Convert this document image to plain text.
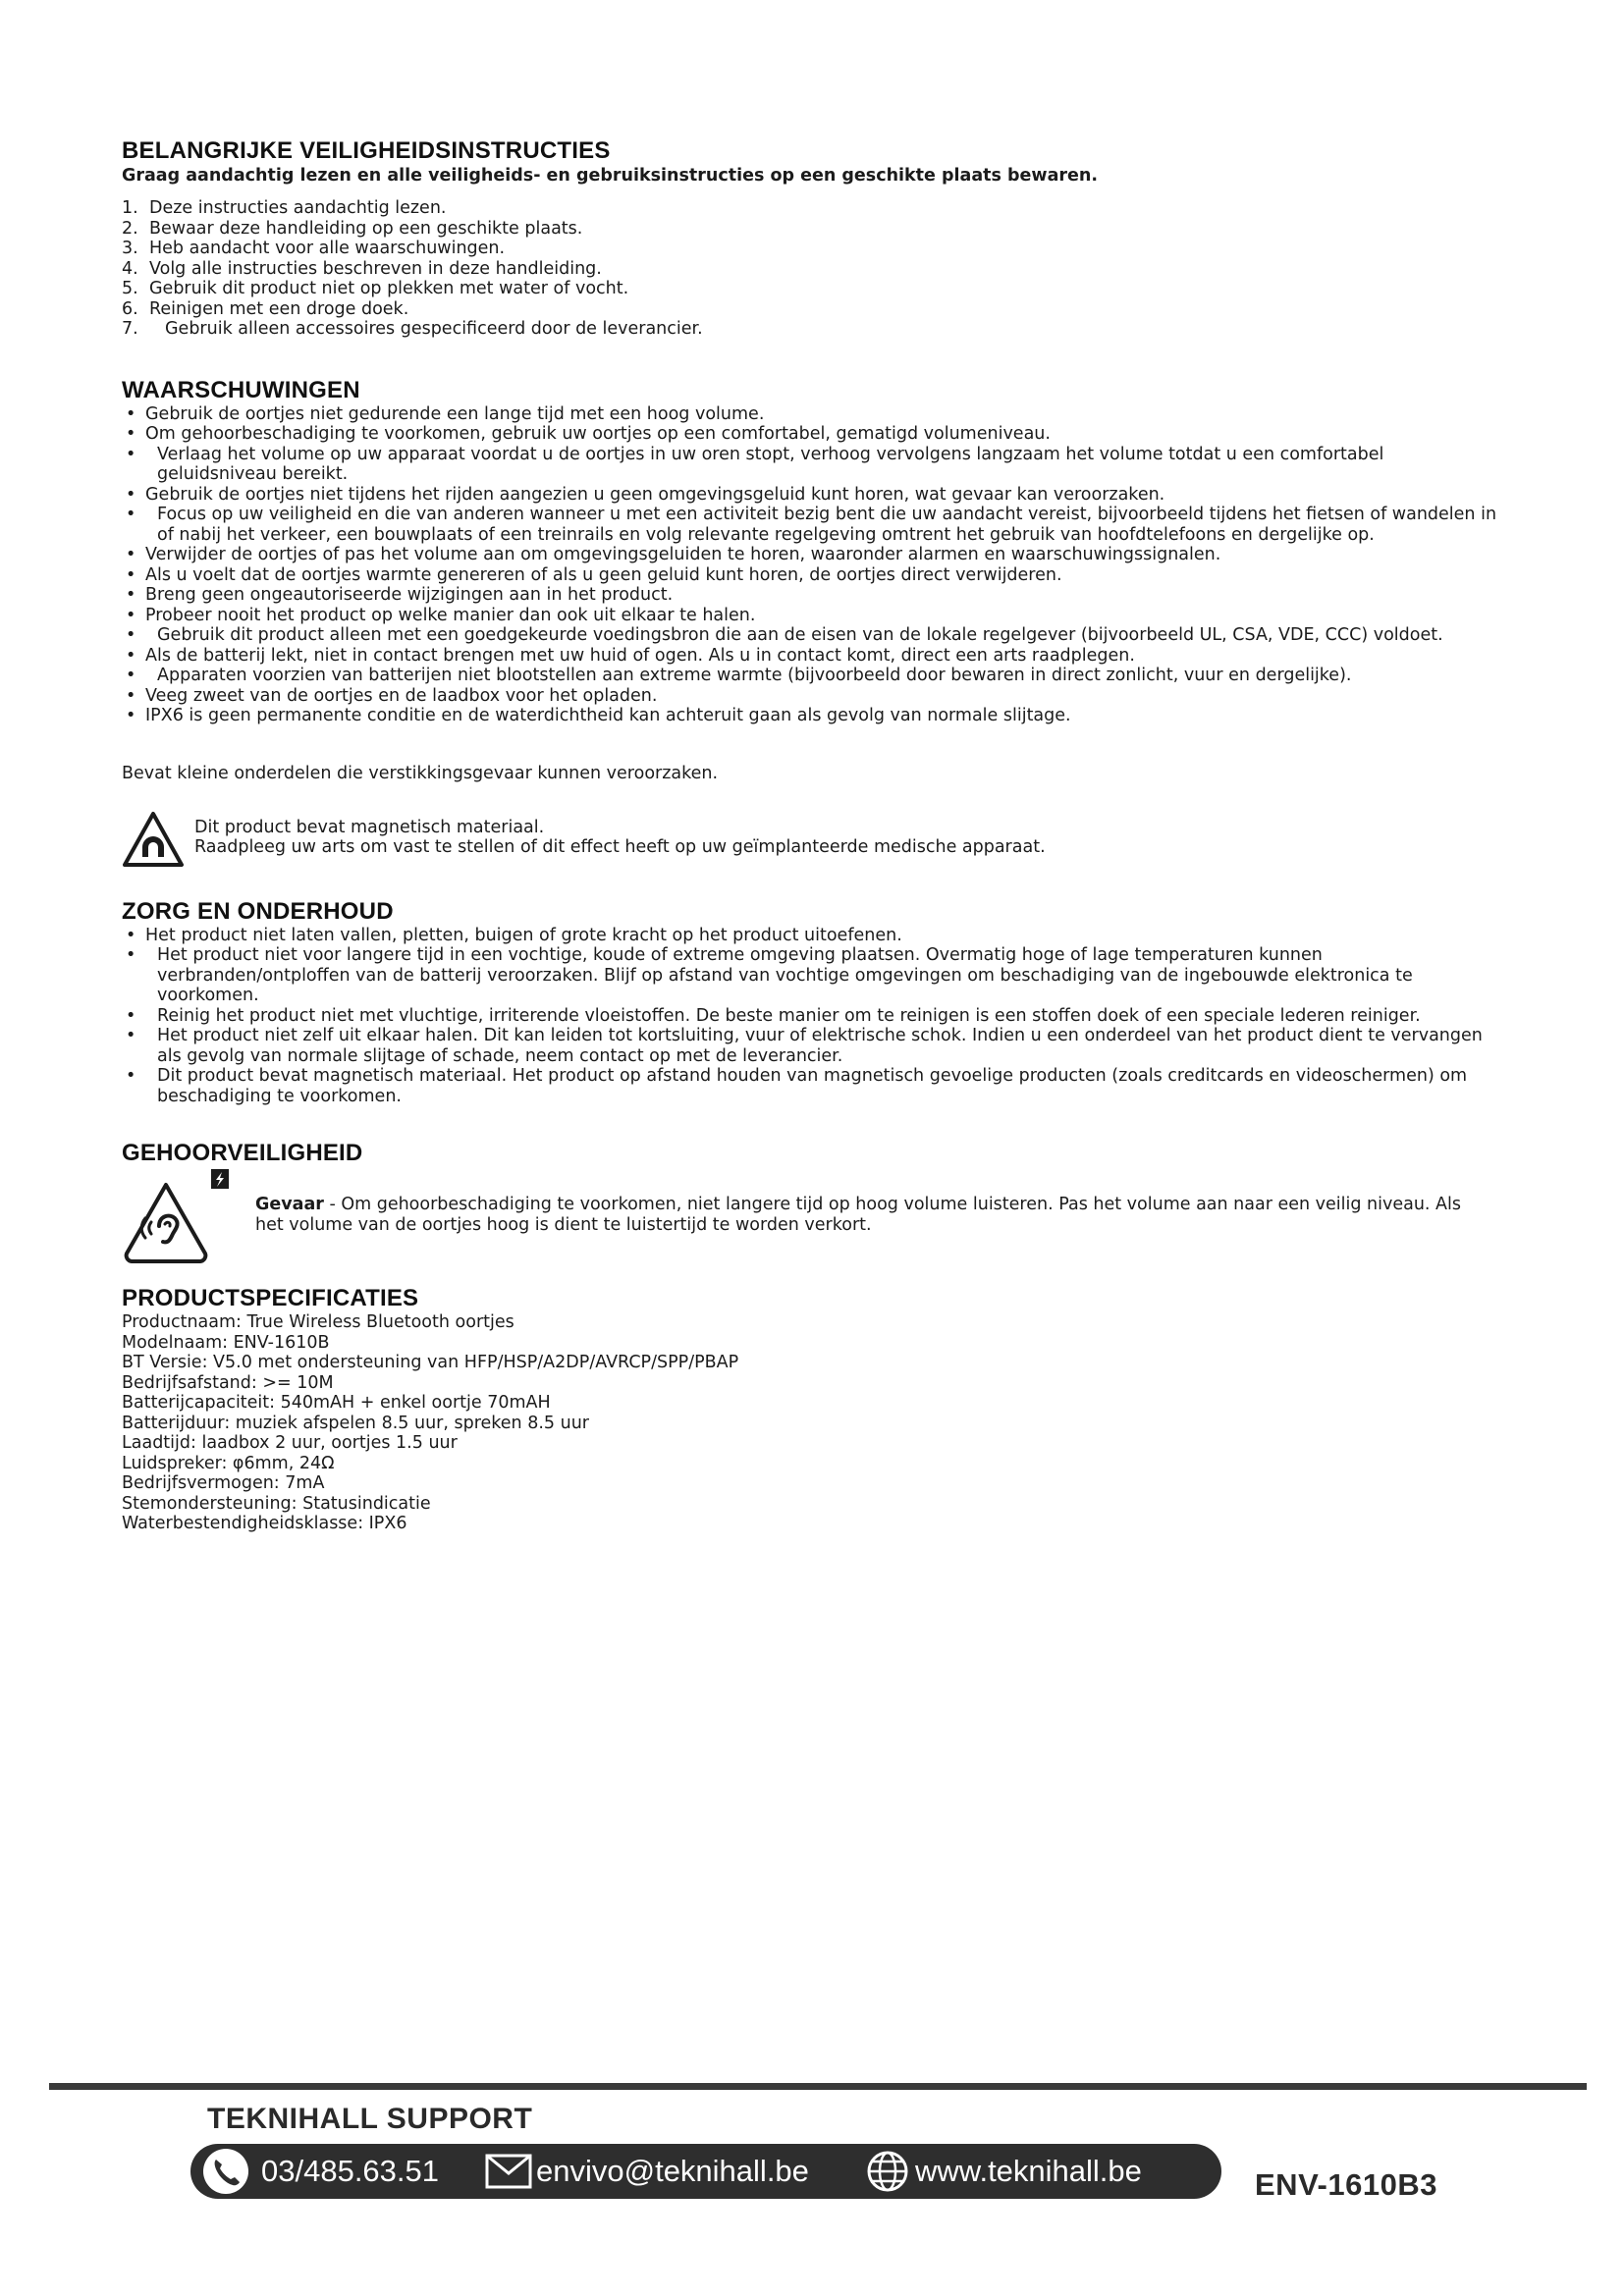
BELANGRIJKE VEILIGHEIDSINSTRUCTIES

Graag aandachtig lezen en alle veiligheids- en gebruiksinstructies op een geschikte plaats bewaren.

1. Deze instructies aandachtig lezen.
2. Bewaar deze handleiding op een geschikte plaats.
3. Heb aandacht voor alle waarschuwingen.
4. Volg alle instructies beschreven in deze handleiding.
5. Gebruik dit product niet op plekken met water of vocht.
6. Reinigen met een droge doek.
7.	Gebruik alleen accessoires gespecificeerd door de leverancier.
WAARSCHUWINGEN
• Gebruik de oortjes niet gedurende een lange tijd met een hoog volume.
• Om gehoorbeschadiging te voorkomen, gebruik uw oortjes op een comfortabel, gematigd volumeniveau.
• Verlaag het volume op uw apparaat voordat u de oortjes in uw oren stopt, verhoog vervolgens langzaam het volume totdat u een comfortabel geluidsniveau bereikt.
• Gebruik de oortjes niet tijdens het rijden aangezien u geen omgevingsgeluid kunt horen, wat gevaar kan veroorzaken.
• Focus op uw veiligheid en die van anderen wanneer u met een activiteit bezig bent die uw aandacht vereist, bijvoorbeeld tijdens het fietsen of wandelen in of nabij het verkeer, een bouwplaats of een treinrails en volg relevante regelgeving omtrent het gebruik van hoofdtelefoons en dergelijke op.
• Verwijder de oortjes of pas het volume aan om omgevingsgeluiden te horen, waaronder alarmen en waarschuwingssignalen.
• Als u voelt dat de oortjes warmte genereren of als u geen geluid kunt horen, de oortjes direct verwijderen.
• Breng geen ongeautoriseerde wijzigingen aan in het product.
• Probeer nooit het product op welke manier dan ook uit elkaar te halen.
• Gebruik dit product alleen met een goedgekeurde voedingsbron die aan de eisen van de lokale regelgever (bijvoorbeeld UL, CSA, VDE, CCC) voldoet.
• Als de batterij lekt, niet in contact brengen met uw huid of ogen. Als u in contact komt, direct een arts raadplegen.
• Apparaten voorzien van batterijen niet blootstellen aan extreme warmte (bijvoorbeeld door bewaren in direct zonlicht, vuur en dergelijke).
• Veeg zweet van de oortjes en de laadbox voor het opladen.
• IPX6 is geen permanente conditie en de waterdichtheid kan achteruit gaan als gevolg van normale slijtage.

Bevat kleine onderdelen die verstikkingsgevaar kunnen veroorzaken.

Dit product bevat magnetisch materiaal.
Raadpleeg uw arts om vast te stellen of dit effect heeft op uw geïmplanteerde medische apparaat.
ZORG EN ONDERHOUD
• Het product niet laten vallen, pletten, buigen of grote kracht op het product uitoefenen.
• Het product niet voor langere tijd in een vochtige, koude of extreme omgeving plaatsen. Overmatig hoge of lage temperaturen kunnen verbranden/ontploffen van de batterij veroorzaken. Blijf op afstand van vochtige omgevingen om beschadiging van de ingebouwde elektronica te voorkomen.
• Reinig het product niet met vluchtige, irriterende vloeistoffen. De beste manier om te reinigen is een stoffen doek of een speciale lederen reiniger.
• Het product niet zelf uit elkaar halen. Dit kan leiden tot kortsluiting, vuur of elektrische schok. Indien u een onderdeel van het product dient te vervangen als gevolg van normale slijtage of schade, neem contact op met de leverancier.
• Dit product bevat magnetisch materiaal. Het product op afstand houden van magnetisch gevoelige producten (zoals creditcards en videoschermen) om beschadiging te voorkomen.
GEHOORVEILIGHEID
Gevaar - Om gehoorbeschadiging te voorkomen, niet langere tijd op hoog volume luisteren. Pas het volume aan naar een veilig niveau. Als het volume van de oortjes hoog is dient te luistertijd te worden verkort.
PRODUCTSPECIFICATIES
Productnaam: True Wireless Bluetooth oortjes
Modelnaam: ENV-1610B
BT Versie: V5.0 met ondersteuning van HFP/HSP/A2DP/AVRCP/SPP/PBAP
Bedrijfsafstand: >= 10M
Batterijcapaciteit: 540mAH + enkel oortje 70mAH
Batterijduur: muziek afspelen 8.5 uur, spreken 8.5 uur
Laadtijd: laadbox 2 uur, oortjes 1.5 uur
Luidspreker: φ6mm, 24Ω
Bedrijfsvermogen: 7mA
Stemondersteuning: Statusindicatie
Waterbestendigheidsklasse: IPX6
TEKNIHALL SUPPORT
03/485.63.51	envivo@teknihall.be	www.teknihall.be	ENV-1610B3
